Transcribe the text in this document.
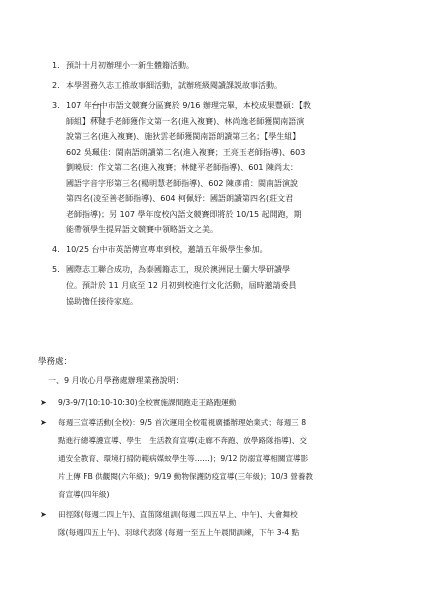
1. 預計十月初辦理小一新生體籍活動。
2. 本學習務久志工推故事細活動，試辦班級閱讀課説故事活動。
3. 107 年台中市語文競賽分區賽於 9/16 辦理完畢，本校成果豐碩：【教
師組】林健手老師獲作文第一名(進入複賽)、林尚逸老師獲閩南語演
說第三名(進入複賽)、施狄雲老師獲閩南語朗讀第三名；【學生組】
602 吳珮佳：閩南語朗讀第二名(進入複賽；王亮玉老師指導)、603
劉曉辰：作文第二名(進入複賽；林健平老師指導)、601 陳尚太：
國語字音字形第三名(楊明慧老師指導)、602 陳彥甫：閩南語演說
第四名(凌至善老師指導)、604 柯佩妤：國語朗讀第四名(莊文君
老師指導)；另 107 學年度校內語文競賽即將於 10/15 起開跑，期
能帶領學生提昇語文競賽中領略語文之美。
4. 10/25 台中市英語傳宣專車到校，邀請五年級學生參加。
5. 國際志工聯合成功，為泰國籍志工，現於澳洲昆士蘭大學研讀學
位。預計於 11 月底至 12 月初到校進行文化活動，屆時邀請委員
協助擔任接待家庭。
學務處：
一、9 月收心月學務處辦理業務說明：
➤	9/3-9/7(10:10-10:30)全校實施課間跑走王路跑運動
➤	每週三宣導活動(全校)：9/5 首次運用全校電視廣播辦理始業式；每週三 8
點進行總導護宣導、學生　生活教育宣導(走廊不奔跑、放學路隊指導)、交
通安全教育、環境打掃防範病媒蚊學生等……)；9/12 防溺宣導相關宣導影
片上傳 FB 供觀閱(六年級)；9/19 動物保護防疫宣導(三年級)；10/3 營養教
育宣導(四年級)
➤	田徑隊(每週二四上午)、直笛隊組訓(每週二四五早上、中午)、大會舞校
隊(每週四五上午)、羽球代表隊 (每週一至五上午晨間訓練，下午 3-4 點
